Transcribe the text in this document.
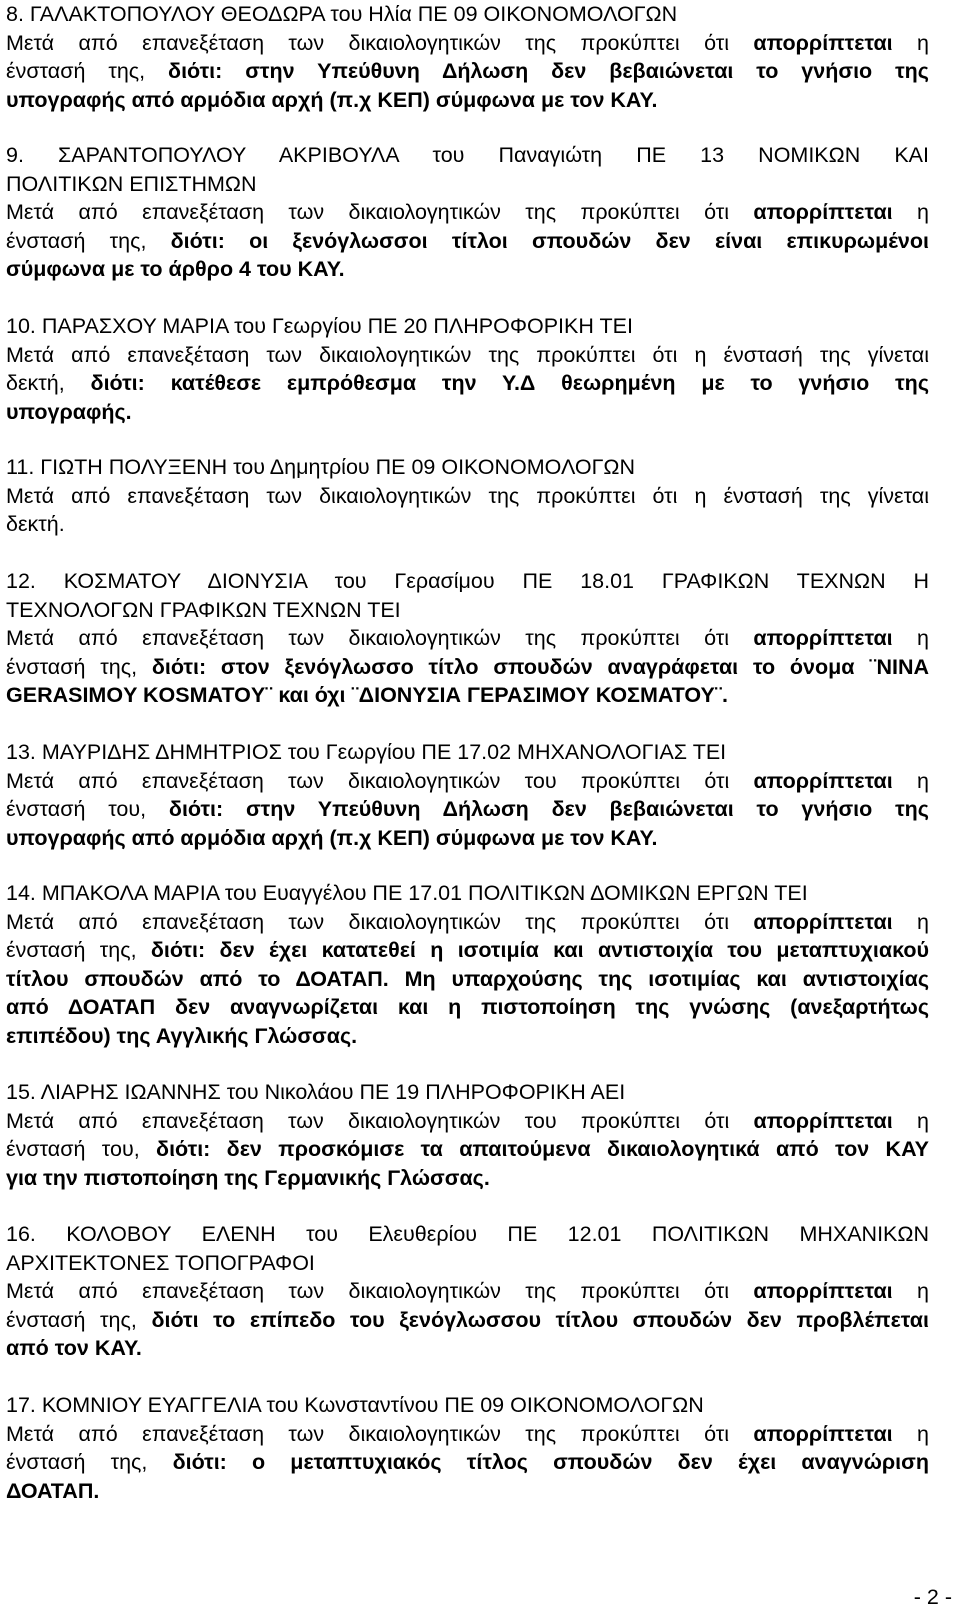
8. ΓΑΛΑΚΤΟΠΟΥΛΟΥ ΘΕΟΔΩΡΑ του Ηλία ΠΕ 09 ΟΙΚΟΝΟΜΟΛΟΓΩΝ
Μετά από επανεξέταση των δικαιολογητικών της προκύπτει ότι απορρίπτεται η
ένστασή της, διότι: στην Υπεύθυνη Δήλωση δεν βεβαιώνεται το γνήσιο της
υπογραφής από αρμόδια αρχή (π.χ ΚΕΠ) σύμφωνα με τον ΚΑΥ.
9. ΣΑΡΑΝΤΟΠΟΥΛΟΥ ΑΚΡΙΒΟΥΛΑ του Παναγιώτη ΠΕ 13 ΝΟΜΙΚΩΝ ΚΑΙ
ΠΟΛΙΤΙΚΩΝ ΕΠΙΣΤΗΜΩΝ
Μετά από επανεξέταση των δικαιολογητικών της προκύπτει ότι απορρίπτεται η
ένστασή της, διότι: οι ξενόγλωσσοι τίτλοι σπουδών δεν είναι επικυρωμένοι
σύμφωνα με το άρθρο 4 του ΚΑΥ.
10. ΠΑΡΑΣΧΟΥ ΜΑΡΙΑ του Γεωργίου ΠΕ 20 ΠΛΗΡΟΦΟΡΙΚΗ ΤΕΙ
Μετά από επανεξέταση των δικαιολογητικών της προκύπτει ότι η ένστασή της γίνεται
δεκτή, διότι: κατέθεσε εμπρόθεσμα την Υ.Δ θεωρημένη με το γνήσιο της
υπογραφής.
11. ΓΙΩΤΗ ΠΟΛΥΞΕΝΗ του Δημητρίου ΠΕ 09 ΟΙΚΟΝΟΜΟΛΟΓΩΝ
Μετά από επανεξέταση των δικαιολογητικών της προκύπτει ότι η ένστασή της γίνεται
δεκτή.
12. ΚΟΣΜΑΤΟΥ ΔΙΟΝΥΣΙΑ του Γερασίμου ΠΕ 18.01 ΓΡΑΦΙΚΩΝ ΤΕΧΝΩΝ Η
ΤΕΧΝΟΛΟΓΩΝ ΓΡΑΦΙΚΩΝ ΤΕΧΝΩΝ ΤΕΙ
Μετά από επανεξέταση των δικαιολογητικών της προκύπτει ότι απορρίπτεται η
ένστασή της, διότι: στον ξενόγλωσσο τίτλο σπουδών αναγράφεται το όνομα ¨NINA
GERASIMOY KOSMATOY¨ και όχι ¨ΔΙΟΝΥΣΙΑ ΓΕΡΑΣΙΜΟΥ ΚΟΣΜΑΤΟΥ¨.
13. ΜΑΥΡΙΔΗΣ ΔΗΜΗΤΡΙΟΣ του Γεωργίου ΠΕ 17.02 ΜΗΧΑΝΟΛΟΓΙΑΣ ΤΕΙ
Μετά από επανεξέταση των δικαιολογητικών του προκύπτει ότι απορρίπτεται η
ένστασή του, διότι: στην Υπεύθυνη Δήλωση δεν βεβαιώνεται το γνήσιο της
υπογραφής από αρμόδια αρχή (π.χ ΚΕΠ) σύμφωνα με τον ΚΑΥ.
14. ΜΠΑΚΟΛΑ ΜΑΡΙΑ του Ευαγγέλου ΠΕ 17.01 ΠΟΛΙΤΙΚΩΝ ΔΟΜΙΚΩΝ ΕΡΓΩΝ ΤΕΙ
Μετά από επανεξέταση των δικαιολογητικών της προκύπτει ότι απορρίπτεται η
ένστασή της, διότι: δεν έχει κατατεθεί η ισοτιμία και αντιστοιχία του μεταπτυχιακού
τίτλου σπουδών από το ΔΟΑΤΑΠ. Μη υπαρχούσης της ισοτιμίας και αντιστοιχίας
από ΔΟΑΤΑΠ δεν αναγνωρίζεται και η πιστοποίηση της γνώσης (ανεξαρτήτως
επιπέδου) της Αγγλικής Γλώσσας.
15. ΛΙΑΡΗΣ ΙΩΑΝΝΗΣ του Νικολάου ΠΕ 19 ΠΛΗΡΟΦΟΡΙΚΗ ΑΕΙ
Μετά από επανεξέταση των δικαιολογητικών του προκύπτει ότι απορρίπτεται η
ένστασή του, διότι: δεν προσκόμισε τα απαιτούμενα δικαιολογητικά από τον ΚΑΥ
για την πιστοποίηση της Γερμανικής Γλώσσας.
16. ΚΟΛΟΒΟΥ ΕΛΕΝΗ του Ελευθερίου ΠΕ 12.01 ΠΟΛΙΤΙΚΩΝ ΜΗΧΑΝΙΚΩΝ
ΑΡΧΙΤΕΚΤΟΝΕΣ ΤΟΠΟΓΡΑΦΟΙ
Μετά από επανεξέταση των δικαιολογητικών της προκύπτει ότι απορρίπτεται η
ένστασή της, διότι το επίπεδο του ξενόγλωσσου τίτλου σπουδών δεν προβλέπεται
από τον ΚΑΥ.
17. ΚΟΜΝΙΟΥ ΕΥΑΓΓΕΛΙΑ του Κωνσταντίνου ΠΕ 09 ΟΙΚΟΝΟΜΟΛΟΓΩΝ
Μετά από επανεξέταση των δικαιολογητικών της προκύπτει ότι απορρίπτεται η
ένστασή της, διότι: ο μεταπτυχιακός τίτλος σπουδών δεν έχει αναγνώριση
ΔΟΑΤΑΠ.
- 2 -
